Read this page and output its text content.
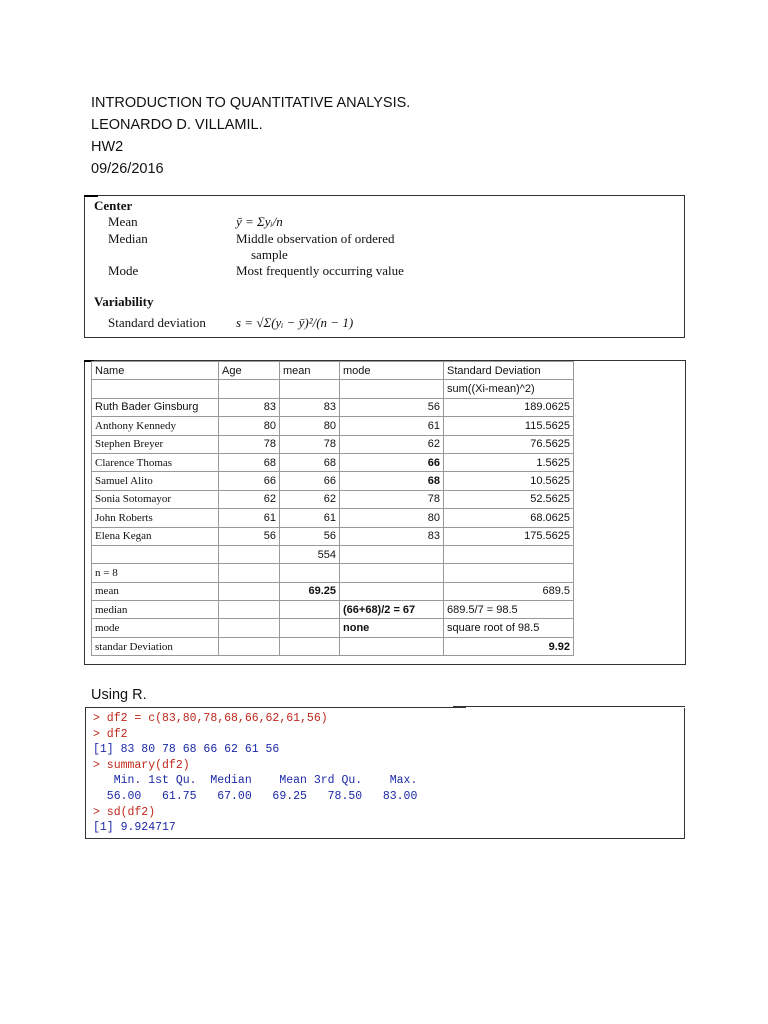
INTRODUCTION TO QUANTITATIVE ANALYSIS.
LEONARDO D. VILLAMIL.
HW2
09/26/2016
Center
Mean	ȳ = Σyᵢ/n
Median	Middle observation of ordered
sample
Mode	Most frequently occurring value
Variability
Standard deviation s = √Σ(yᵢ − ȳ)²/(n − 1)
Name	Age	mean	mode	Standard Deviation
				sum((Xi-mean)^2)
Ruth Bader Ginsburg	83	83	56	189.0625
Anthony Kennedy	80	80	61	115.5625
Stephen Breyer	78	78	62	76.5625
Clarence Thomas	68	68	66	1.5625
Samuel Alito	66	66	68	10.5625
Sonia Sotomayor	62	62	78	52.5625
John Roberts	61	61	80	68.0625
Elena Kegan	56	56	83	175.5625
		554		
n = 8				
mean		69.25		689.5
median			(66+68)/2 = 67	689.5/7 = 98.5
mode			none	square root of 98.5
standar Deviation				9.92
Using R.
> df2 = c(83,80,78,68,66,62,61,56)
> df2
[1] 83 80 78 68 66 62 61 56
> summary(df2)
Min. 1st Qu.  Median    Mean 3rd Qu.    Max.
56.00   61.75   67.00   69.25   78.50   83.00
> sd(df2)
[1] 9.924717
